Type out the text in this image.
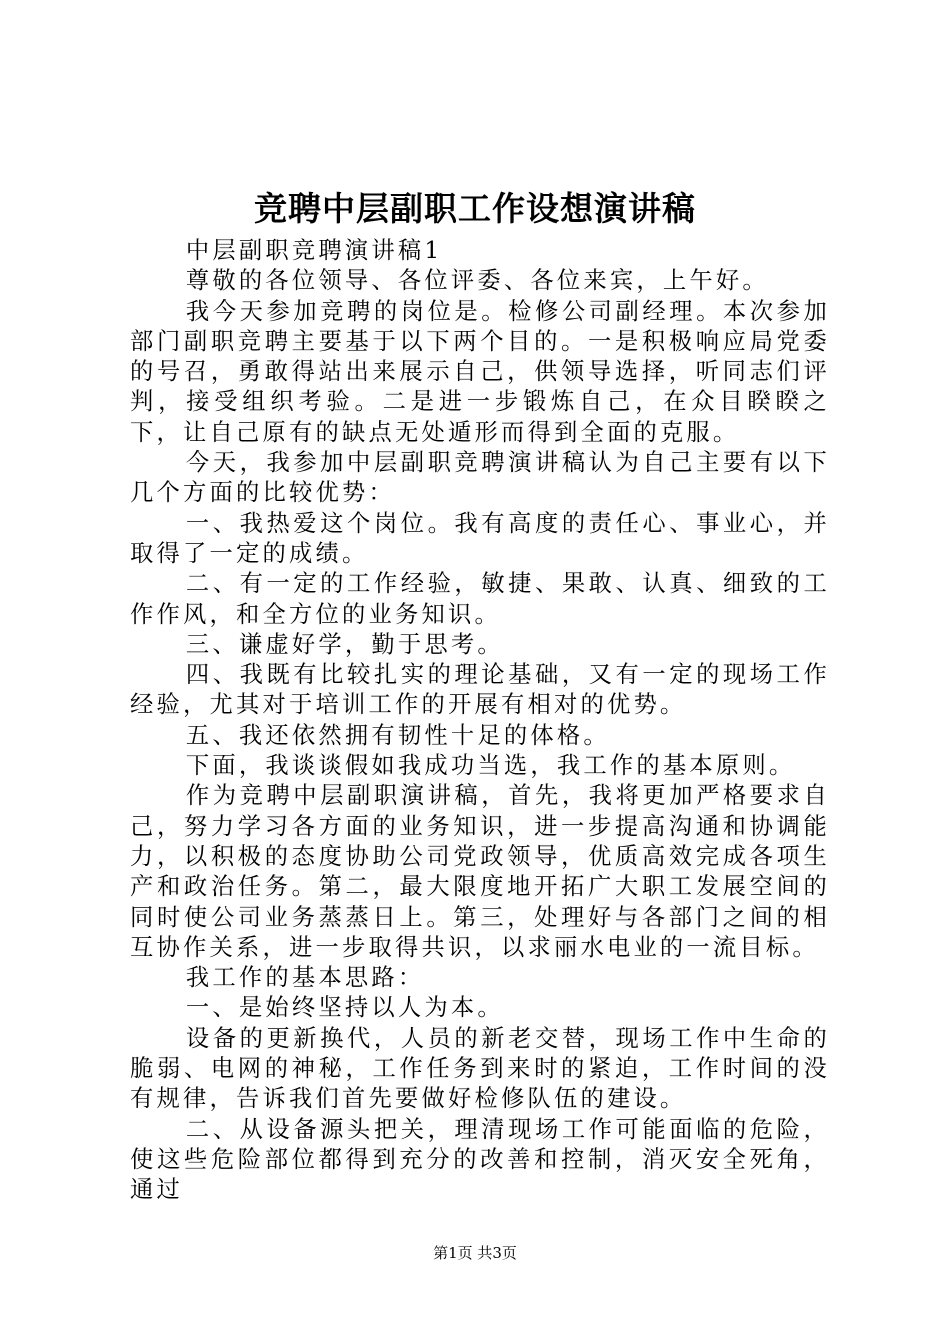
竞聘中层副职工作设想演讲稿

中层副职竞聘演讲稿1

尊敬的各位领导、各位评委、各位来宾，上午好。

我今天参加竞聘的岗位是。检修公司副经理。本次参加部门副职竞聘主要基于以下两个目的。一是积极响应局党委的号召，勇敢得站出来展示自己，供领导选择，听同志们评判，接受组织考验。二是进一步锻炼自己，在众目睽睽之下，让自己原有的缺点无处遁形而得到全面的克服。

今天，我参加中层副职竞聘演讲稿认为自己主要有以下几个方面的比较优势：

一、我热爱这个岗位。我有高度的责任心、事业心，并取得了一定的成绩。

二、有一定的工作经验，敏捷、果敢、认真、细致的工作作风，和全方位的业务知识。

三、谦虚好学，勤于思考。

四、我既有比较扎实的理论基础，又有一定的现场工作经验，尤其对于培训工作的开展有相对的优势。

五、我还依然拥有韧性十足的体格。

下面，我谈谈假如我成功当选，我工作的基本原则。

作为竞聘中层副职演讲稿，首先，我将更加严格要求自己，努力学习各方面的业务知识，进一步提高沟通和协调能力，以积极的态度协助公司党政领导，优质高效完成各项生产和政治任务。第二，最大限度地开拓广大职工发展空间的同时使公司业务蒸蒸日上。第三，处理好与各部门之间的相互协作关系，进一步取得共识，以求丽水电业的一流目标。

我工作的基本思路：

一、是始终坚持以人为本。

设备的更新换代，人员的新老交替，现场工作中生命的脆弱、电网的神秘，工作任务到来时的紧迫，工作时间的没有规律，告诉我们首先要做好检修队伍的建设。

二、从设备源头把关，理清现场工作可能面临的危险，使这些危险部位都得到充分的改善和控制，消灭安全死角，通过

第1页 共3页
